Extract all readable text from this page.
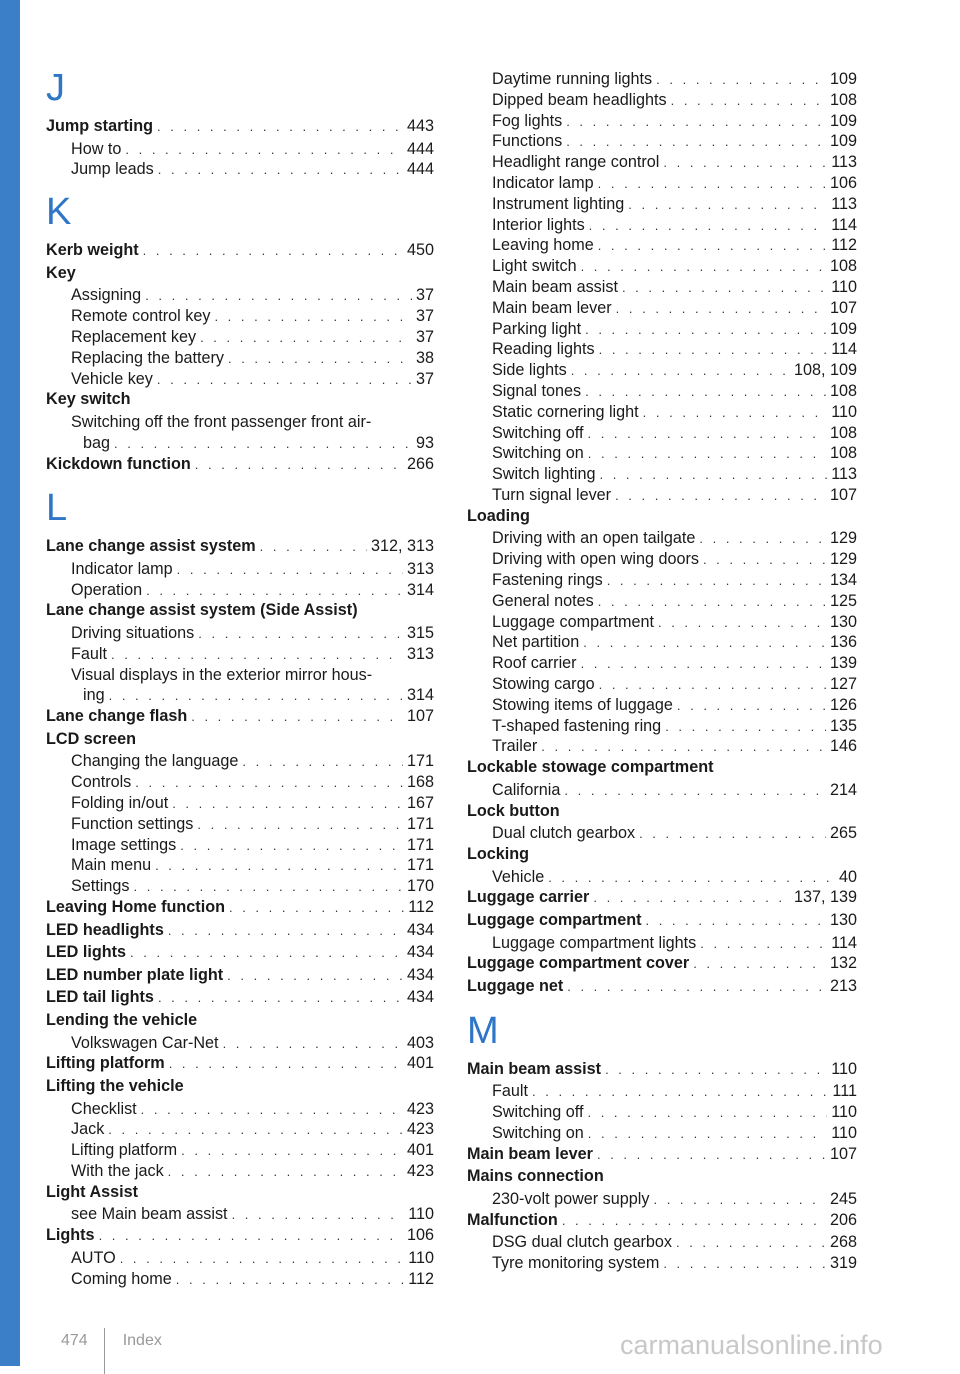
J
Jump starting . . .	443
How to . . .	444
Jump leads . . .	444
K
Kerb weight . . .	450
Key
Assigning . . .	37
Remote control key . . .	37
Replacement key . . .	37
Replacing the battery . . .	38
Vehicle key . . .	37
Key switch
Switching off the front passenger front air-
bag . . .	93
Kickdown function . . .	266
L
Lane change assist system . . .	312, 313
Indicator lamp . . .	313
Operation . . .	314
Lane change assist system (Side Assist)
Driving situations . . .	315
Fault . . .	313
Visual displays in the exterior mirror hous-
ing . . .	314
Lane change flash . . .	107
LCD screen
Changing the language . . .	171
Controls . . .	168
Folding in/out . . .	167
Function settings . . .	171
Image settings . . .	171
Main menu . . .	171
Settings . . .	170
Leaving Home function . . .	112
LED headlights . . .	434
LED lights . . .	434
LED number plate light . . .	434
LED tail lights . . .	434
Lending the vehicle
Volkswagen Car-Net . . .	403
Lifting platform . . .	401
Lifting the vehicle
Checklist . . .	423
Jack . . .	423
Lifting platform . . .	401
With the jack . . .	423
Light Assist
see Main beam assist . . .	110
Lights . . .	106
AUTO . . .	110
Coming home . . .	112
Daytime running lights . . .	109
Dipped beam headlights . . .	108
Fog lights . . .	109
Functions . . .	109
Headlight range control . . .	113
Indicator lamp . . .	106
Instrument lighting . . .	113
Interior lights . . .	114
Leaving home . . .	112
Light switch . . .	108
Main beam assist . . .	110
Main beam lever . . .	107
Parking light . . .	109
Reading lights . . .	114
Side lights . . .	108, 109
Signal tones . . .	108
Static cornering light . . .	110
Switching off . . .	108
Switching on . . .	108
Switch lighting . . .	113
Turn signal lever . . .	107
Loading
Driving with an open tailgate . . .	129
Driving with open wing doors . . .	129
Fastening rings . . .	134
General notes . . .	125
Luggage compartment . . .	130
Net partition . . .	136
Roof carrier . . .	139
Stowing cargo . . .	127
Stowing items of luggage . . .	126
T-shaped fastening ring . . .	135
Trailer . . .	146
Lockable stowage compartment
California . . .	214
Lock button
Dual clutch gearbox . . .	265
Locking
Vehicle . . .	40
Luggage carrier . . .	137, 139
Luggage compartment . . .	130
Luggage compartment lights . . .	114
Luggage compartment cover . . .	132
Luggage net . . .	213
M
Main beam assist . . .	110
Fault . . .	111
Switching off . . .	110
Switching on . . .	110
Main beam lever . . .	107
Mains connection
230-volt power supply . . .	245
Malfunction . . .	206
DSG dual clutch gearbox . . .	268
Tyre monitoring system . . .	319
474 Index	carmanualsonline.info
